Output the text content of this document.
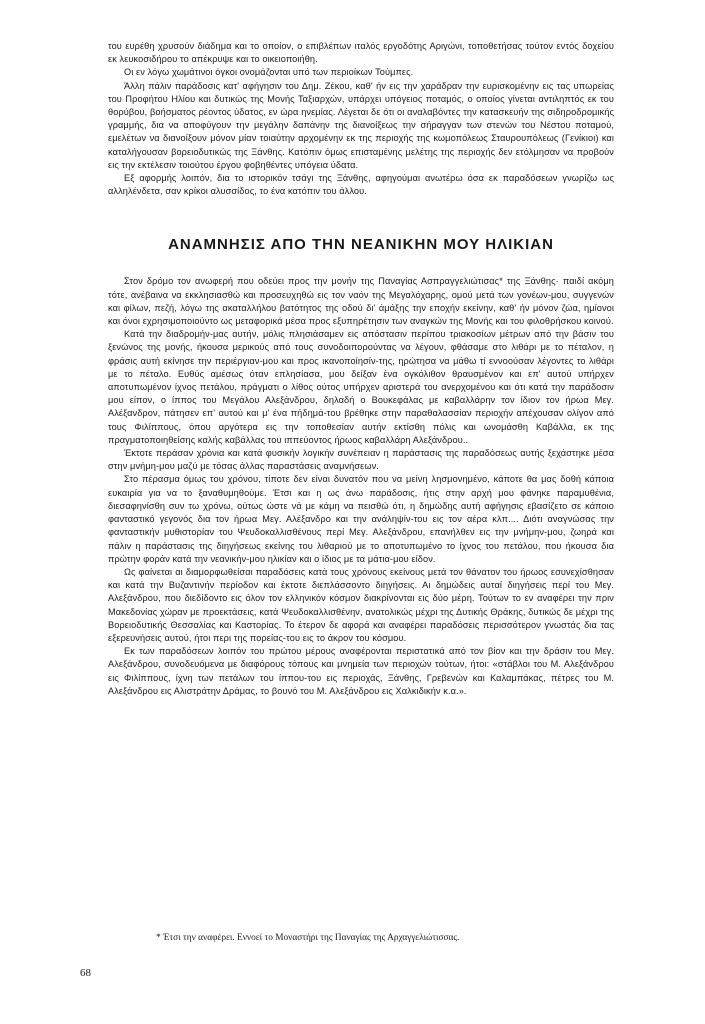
του ευρέθη χρυσούν διάδημα και το οποίον, ο επιβλέπων ιταλός εργοδότης Αριγώνι, τοποθετήσας τούτον εντός δοχείου εκ λευκοσιδήρου το απέκρυψε και το οικειοποιήθη.

Οι εν λόγω χωμάτινοι όγκοι ονομάζονται υπό των περιοίκων Τούμπες.

Άλλη πάλιν παράδοσις κατ' αφήγησιν του Δημ. Ζέκου, καθ' ήν εις την χαράδραν την ευρισκομένην εις τας υπωρείας του Προφήτου Ηλίου και δυτικώς της Μονής Ταξιαρχών, υπάρχει υπόγειος ποταμός, ο οποίος γίνεται αντιληπτός εκ του θορύβου, βοήσματος ρέοντος ύδατος, εν ώρα ηνεμίας. Λέγεται δε ότι οι αναλαβόντες την κατασκευήν της σιδηροδρομικής γραμμής, δια να αποφύγουν την μεγάλην δαπάνην της διανοίξεως την σήραγγαν των στενών του Νέστου ποταμού, εμελέτων να διανοίξουν μόνον μίαν τοιαύτην αρχομένην εκ της περιοχής της κωμοπόλεως Σταυρουπόλεως (Γενίκιοι) και καταλήγουσαν βορειοδυτικώς της Ξάνθης. Κατόπιν όμως επισταμένης μελέτης της περιοχής δεν ετόλμησαν να προβούν εις την εκτέλεσιν τοιούτου έργου φοβηθέντες υπόγεια ύδατα.

Εξ αφορμής λοιπόν, δια το ιστορικόν τσάγι της Ξάνθης, αφηγούμαι ανωτέρω όσα εκ παραδόσεων γνωρίζω ως αλληλένδετα, σαν κρίκοι αλυσσίδος, το ένα κατόπιν του άλλου.

ΑΝΑΜΝΗΣΙΣ ΑΠΟ ΤΗΝ ΝΕΑΝΙΚΗΝ ΜΟΥ ΗΛΙΚΙΑΝ

Στον δρόμο τον ανωφερή που οδεύει προς την μονήν της Παναγίας Ασπραγγελιώτισας* της Ξάνθης· παιδί ακόμη τότε, ανέβαινα να εκκλησιασθώ και προσευχηθώ εις τον ναόν της Μεγαλόχαρης, ομού μετά των γονέων-μου, συγγενών και φίλων, πεζή, λόγω της ακαταλλήλου βατότητος της οδού δι' άμάξης την εποχήν εκείνην, καθ' ήν μόνον ζώα, ημίονοι και όνοι εχρησιμοποιούντο ως μεταφορικά μέσα προς εξυπηρέτησιν των αναγκών της Μονής και του φιλοθρήσκου κοινού.

Κατά την διαδρομήν-μας αυτήν, μόλις πλησιάσαμεν εις απόστασιν περίπου τριακοσίων μέτρων από την βάσιν του ξενώνος της μονής, ήκουσα μερικούς από τους συνοδοιπορούντας να λέγουν, φθάσαμε στο λιθάρι με το πέταλον, η φράσις αυτή εκίνησε την περιέργιαν-μου και προς ικανοποίησίν-της, ηρώτησα να μάθω τί εννοούσαν λέγοντες το λιθάρι με το πέταλο. Ευθύς αμέσως όταν επλησίασα, μου δείξαν ένα ογκόλιθον θραυσμένον και επ' αυτού υπήρχεν αποτυπωμένον ίχνος πετάλου, πράγματι ο λίθος ούτος υπήρχεν αριστερά του ανερχομένου και ότι κατά την παράδοσιν μου είπον, ο ίππος του Μεγάλου Αλεξάνδρου, δηλαδή ο Βουκεφάλας με καβαλλάρην τον ίδιον τον ήρωα Μεγ. Αλέξανδρον, πάτησεν επ' αυτού και μ' ένα πήδημά-του βρέθηκε στην παραθαλασσίαν περιοχήν απέχουσαν ολίγον από τους Φιλίππους, όπου αργότερα εις την τοποθεσίαν αυτήν εκτίσθη πόλις και ωνομάσθη Καβάλλα, εκ της πραγματοποιηθείσης καλής καβάλλας του ιππεύοντος ήρωος καβαλλάρη Αλεξάνδρου..

Έκτοτε περάσαν χρόνια και κατά φυσικήν λογικήν συνέπειαν η παράστασις της παραδόσεως αυτής ξεχάστηκε μέσα στην μνήμη-μου μαζύ με τόσας άλλας παραστάσεις αναμνήσεων.

Στο πέρασμα όμως του χρόνου, τίποτε δεν είναι δυνατόν που να μείνη λησμονημένο, κάποτε θα μας δοθή κάποια ευκαιρία για να το ξαναθυμηθούμε. Έτσι και η ως άνω παράδοσις, ήτις στην αρχή μου φάνηκε παραμυθένια, διεσαφηνίσθη συν τω χρόνω, ούτως ώστε νά με κάμη να πεισθώ ότι, η δημώδης αυτή αφήγησις εβασίζετο σε κάποιο φανταστικό γεγονός δια τον ήρωα Μεγ. Αλέξανδρο και την ανάληψίν-του εις τον αέρα κλπ.... Διότι αναγνώσας την φανταστικήν μυθιστορίαν του Ψευδοκαλλισθένους περί Μεγ. Αλεξάνδρου, επανήλθεν εις την μνήμην-μου, ζωηρά και πάλιν η παράστασις της διηγήσεως εκείνης του λιθαριού με το αποτυπωμένο το ίχνος του πετάλου, που ήκουσα δια πρώτην φοράν κατά την νεανικήν-μου ηλικίαν και ο ίδιος με τα μάτια-μου είδον.

Ως φαίνεται αι διαμορφωθείσαι παραδόσεις κατά τους χρόνους εκείνους μετά τον θάνατον του ήρωος εσυνεχίσθησαν και κατά την Βυζαντινήν περίοδον και έκτοτε διεπλάσσοντο διηγήσεις. Αι δημώδεις αυταί διηγήσεις περί του Μεγ. Αλεξάνδρου, που διεδίδοντο εις όλον τον ελληνικόν κόσμον διακρίνονται εις δύο μέρη. Τούτων το εν αναφέρει την πριν Μακεδονίας χώραν με προεκτάσεις, κατά Ψευδοκαλλισθένην, ανατολικώς μέχρι της Δυτικής Θράκης, δυτικώς δε μέχρι της Βορειοδυτικής Θεσσαλίας και Καστορίας. Το έτερον δε αφορά και αναφέρει παραδόσεις περισσότερον γνωστάς δια τας εξερευνήσεις αυτού, ήτοι περι της πορείας-του εις το άκρον του κόσμου.

Εκ των παραδόσεων λοιπόν του πρώτου μέρους αναφέρονται περιστατικά από τον βίον και την δράσιν του Μεγ. Αλεξάνδρου, συνοδευόμενα με διαφόρους τόπους και μνημεία των περιοχών τούτων, ήτοι: «στάβλοι του Μ. Αλεξάνδρου εις Φιλίππους, ίχνη των πετάλων του ίππου-του εις περιοχάς, Ξάνθης, Γρεβενών και Καλαμπάκας, πέτρες του Μ. Αλεξάνδρου εις Αλιστράτην Δράμας, το βουνό του Μ. Αλεξάνδρου εις Χαλκιδικήν κ.α.».

* Έτσι την αναφέρει. Εννοεί το Μοναστήρι της Παναγίας της Αρχαγγελιώτισσας.
68
